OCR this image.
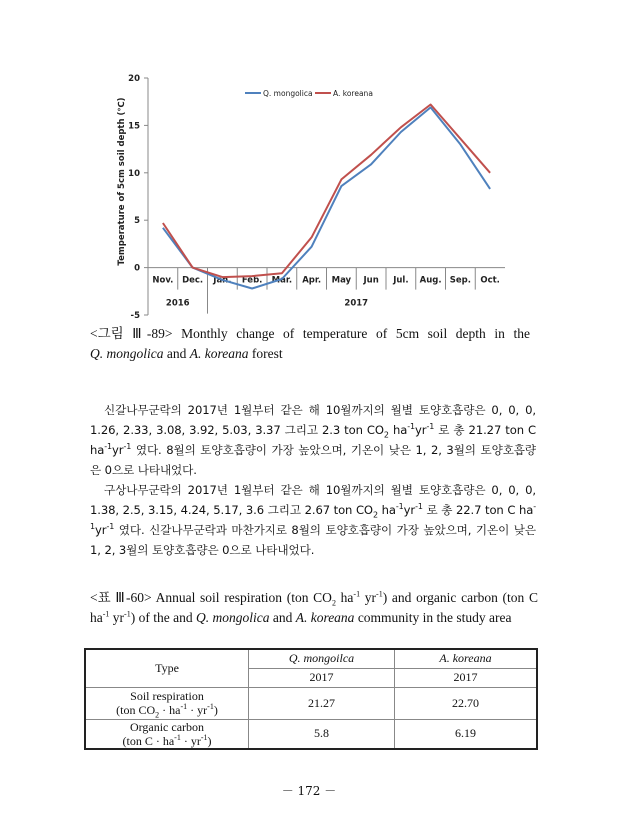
-5
0
5
10
15
20
Nov. Dec. Jan. Feb. Mar. Apr. May Jun Jul. Aug. Sep. Oct.
2016	2017
Temperature of 5cm soil depth (℃)
Q. mongolica	A. koreana
<그림 Ⅲ-89> Monthly change of temperature of 5cm soil depth in the
Q. mongolica and A. koreana forest

신갈나무군락의 2017년 1월부터 같은 해 10월까지의 월별 토양호흡량은 0, 0, 0, 1.26, 2.33, 3.08, 3.92, 5.03, 3.37 그리고 2.3 ton $CO_2$ $ha^{-1}yr^{-1}$ 로 총 21.27 ton C $ha^{-1}yr^{-1}$ 였다. 8월의 토양호흡량이 가장 높았으며, 기온이 낮은 1, 2, 3월의 토양호흡량은 0으로 나타내었다.

구상나무군락의 2017년 1월부터 같은 해 10월까지의 월별 토양호흡량은 0, 0, 0, 1.38, 2.5, 3.15, 4.24, 5.17, 3.6 그리고 2.67 ton $CO_2$ $ha^{-1}yr^{-1}$ 로 총 22.7 ton C $ha^{-1}yr^{-1}$ 였다. 신갈나무군락과 마찬가지로 8월의 토양호흡량이 가장 높았으며, 기온이 낮은 1, 2, 3월의 토양호흡량은 0으로 나타내었다.

<표 Ⅲ-60> Annual soil respiration (ton $CO_2$ $ha^{-1}$ $yr^{-1}$) and organic carbon (ton C $ha^{-1}$ $yr^{-1}$) of the and Q. mongolica and A. koreana community in the study area
Type	Q. mongoilca	A. koreana
	2017	2017

Soil respiration
(ton $CO_2 \cdot ha^{-1} \cdot yr^{-1}$)	21.27	22.70

Organic carbon
(ton $C \cdot ha^{-1} \cdot yr^{-1}$)	5.8	6.19
－ 172 －
